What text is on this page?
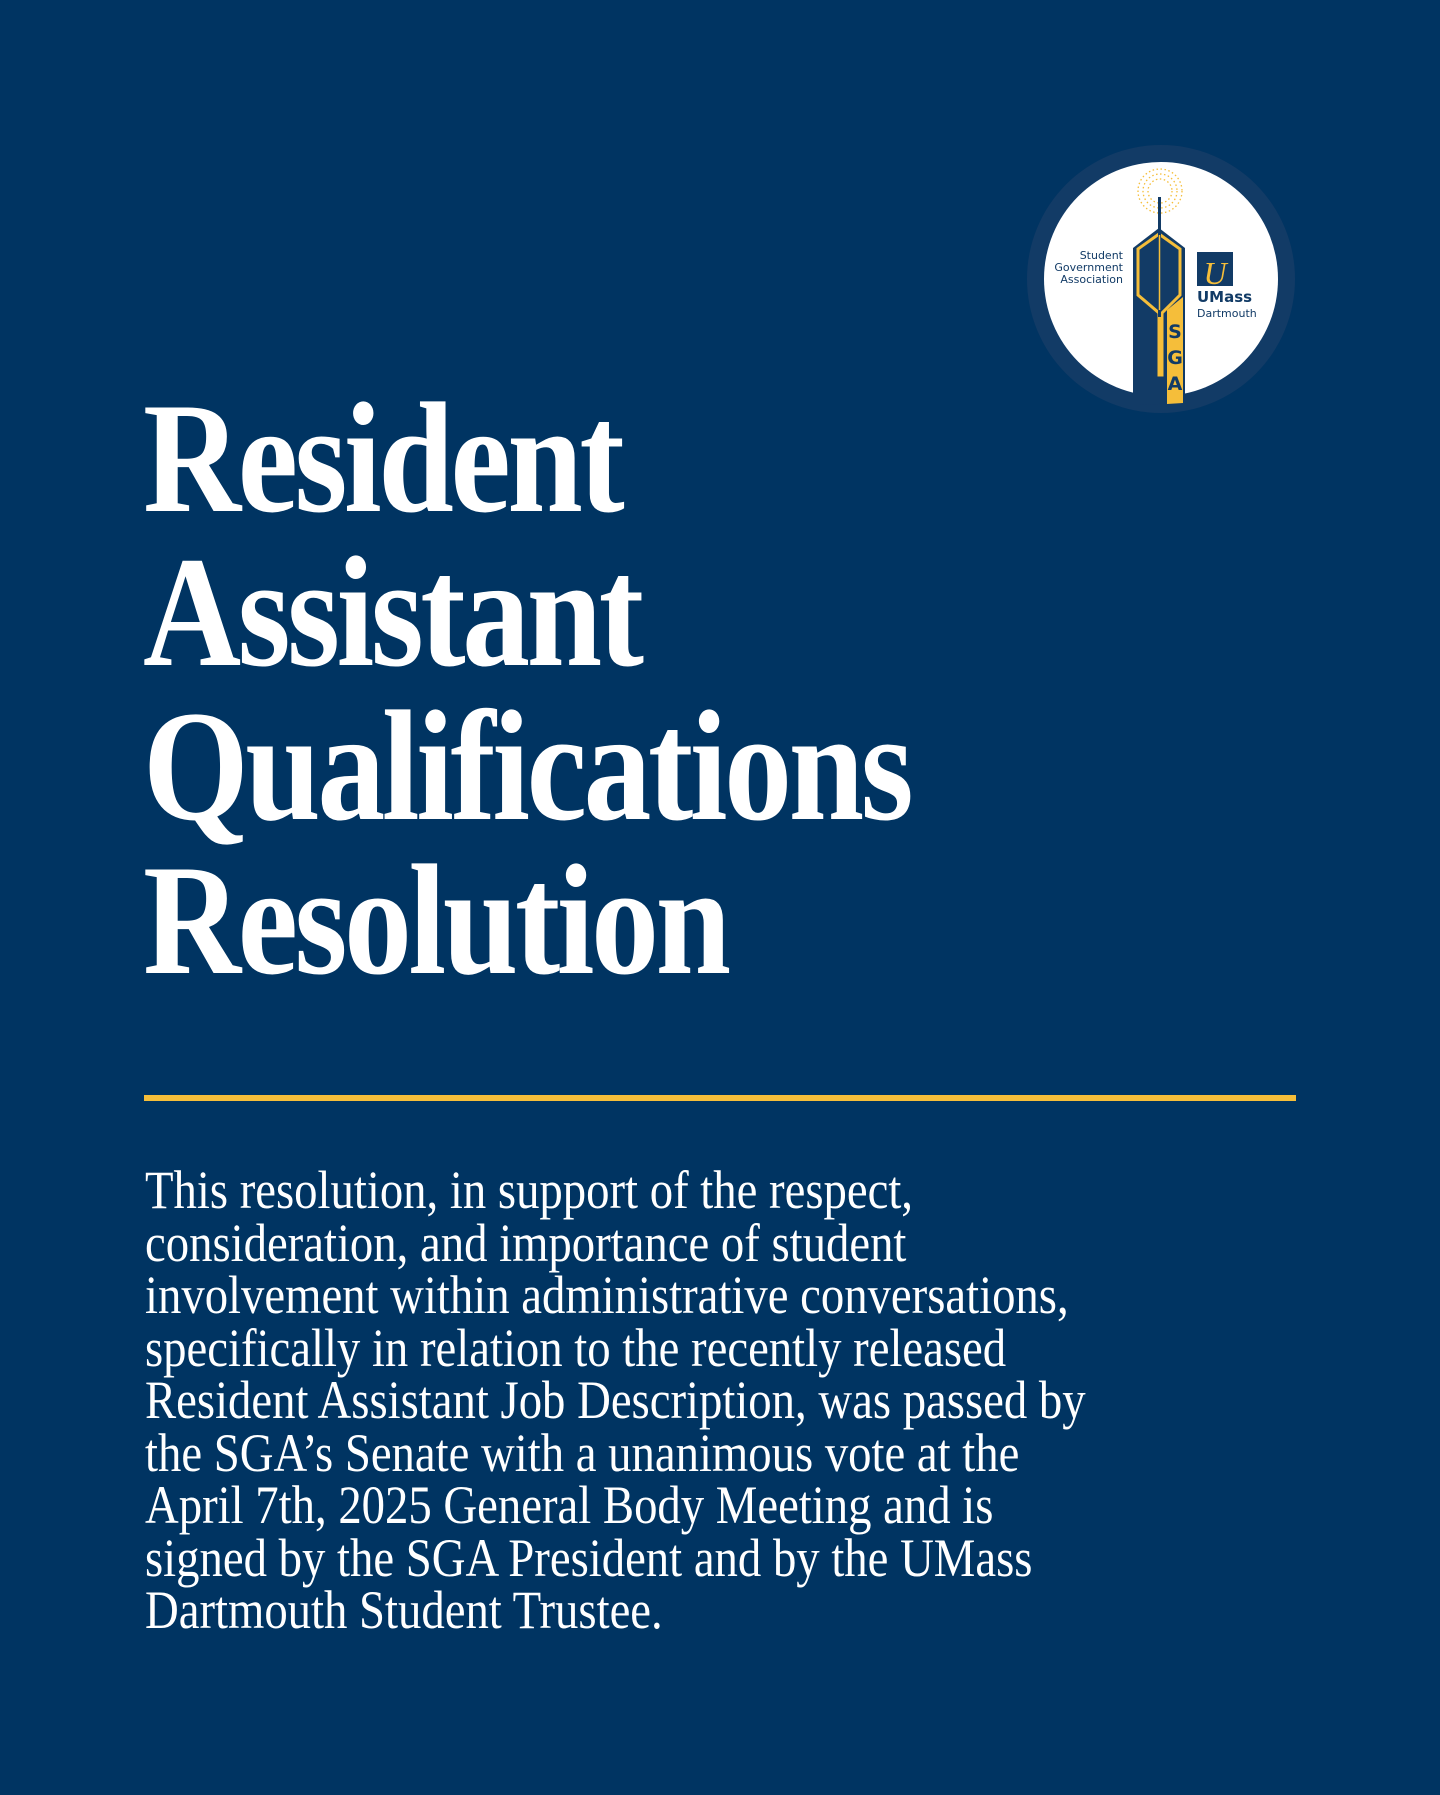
S
G
A
Student
Government
Association	U
UMass
Dartmouth
Resident
Assistant
Qualifications
Resolution

This resolution, in support of the respect,
consideration, and importance of student
involvement within administrative conversations,
specifically in relation to the recently released
Resident Assistant Job Description, was passed by
the SGA’s Senate with a unanimous vote at the
April 7th, 2025 General Body Meeting and is
signed by the SGA President and by the UMass
Dartmouth Student Trustee.
